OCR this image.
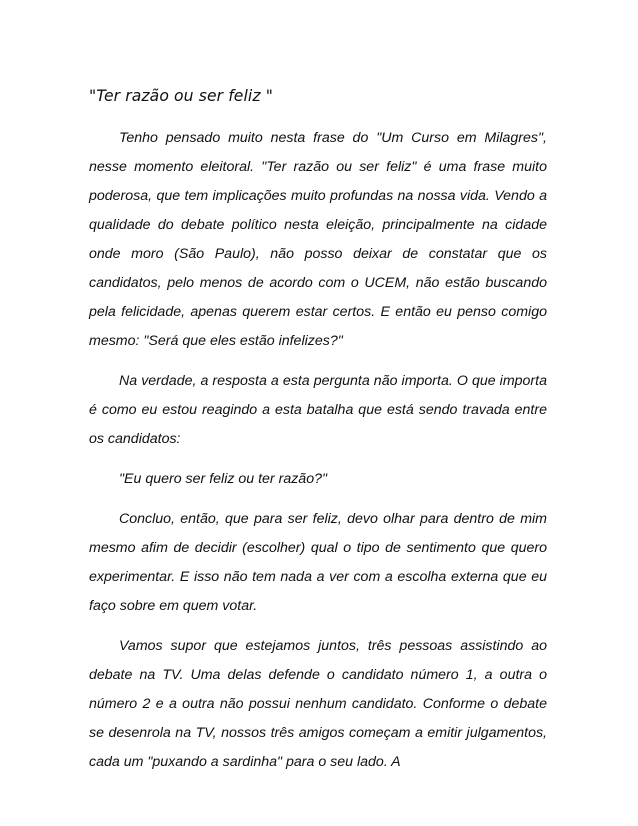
"Ter razão ou ser feliz "

Tenho pensado muito nesta frase do "Um Curso em Milagres", nesse momento eleitoral. "Ter razão ou ser feliz" é uma frase muito poderosa, que tem implicações muito profundas na nossa vida. Vendo a qualidade do debate político nesta eleição, principalmente na cidade onde moro (São Paulo), não posso deixar de constatar que os candidatos, pelo menos de acordo com o UCEM, não estão buscando pela felicidade, apenas querem estar certos. E então eu penso comigo mesmo: "Será que eles estão infelizes?"

Na verdade, a resposta a esta pergunta não importa. O que importa é como eu estou reagindo a esta batalha que está sendo travada entre os candidatos:

"Eu quero ser feliz ou ter razão?"

Concluo, então, que para ser feliz, devo olhar para dentro de mim mesmo afim de decidir (escolher) qual o tipo de sentimento que quero experimentar. E isso não tem nada a ver com a escolha externa que eu faço sobre em quem votar.

Vamos supor que estejamos juntos, três pessoas assistindo ao debate na TV. Uma delas defende o candidato número 1, a outra o número 2 e a outra não possui nenhum candidato. Conforme o debate se desenrola na TV, nossos três amigos começam a emitir julgamentos, cada um "puxando a sardinha" para o seu lado. A
